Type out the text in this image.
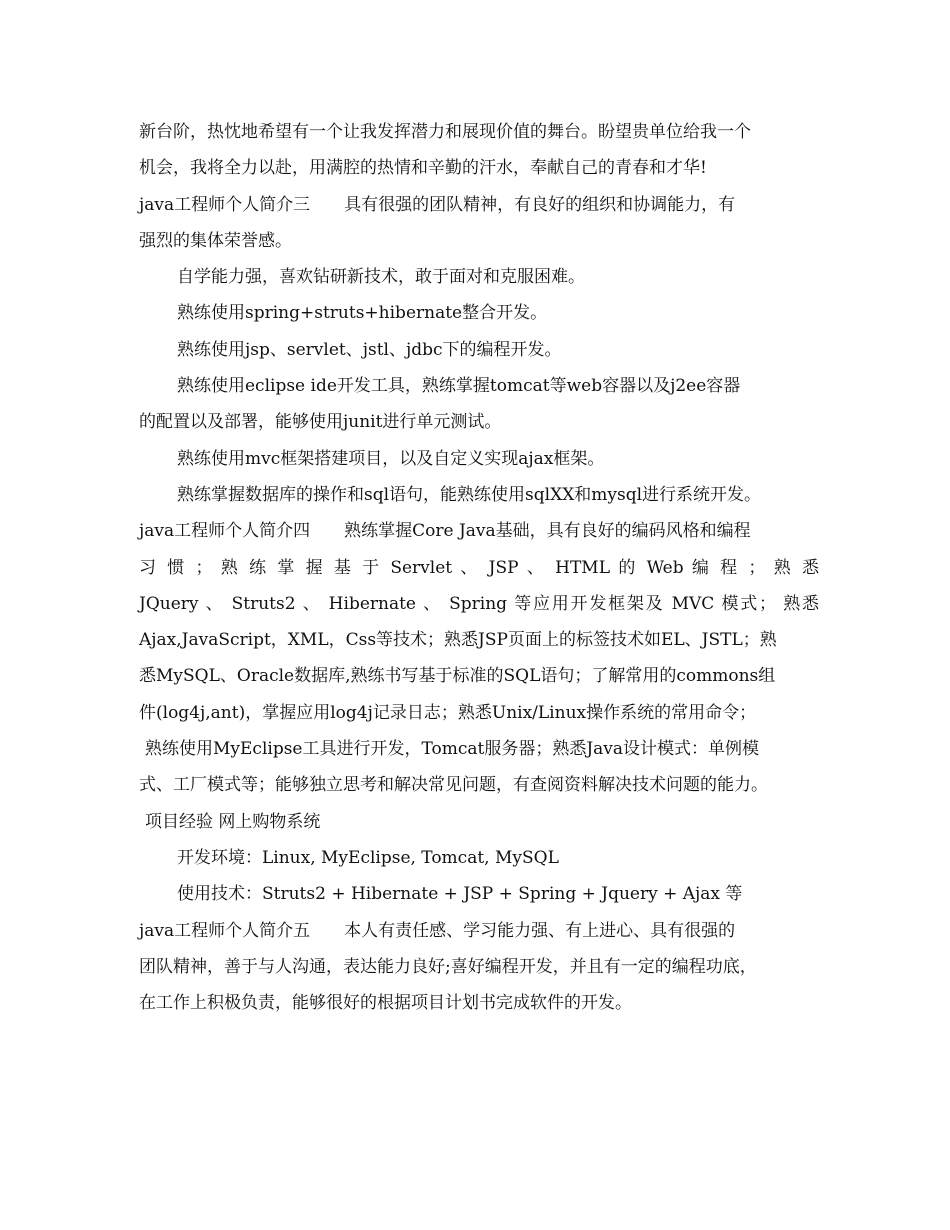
新台阶，热忱地希望有一个让我发挥潜力和展现价值的舞台。盼望贵单位给我一个
机会，我将全力以赴，用满腔的热情和辛勤的汗水，奉献自己的青春和才华!
java工程师个人简介三　　具有很强的团队精神，有良好的组织和协调能力，有
强烈的集体荣誉感。
自学能力强，喜欢钻研新技术，敢于面对和克服困难。
熟练使用spring+struts+hibernate整合开发。
熟练使用jsp、servlet、jstl、jdbc下的编程开发。
熟练使用eclipse ide开发工具，熟练掌握tomcat等web容器以及j2ee容器
的配置以及部署，能够使用junit进行单元测试。
熟练使用mvc框架搭建项目，以及自定义实现ajax框架。
熟练掌握数据库的操作和sql语句，能熟练使用sqlXX和mysql进行系统开发。
java工程师个人简介四　　熟练掌握Core Java基础，具有良好的编码风格和编程
习 惯 ； 熟 练 掌 握 基 于 Servlet 、 JSP 、 HTML 的 Web 编 程 ； 熟 悉
JQuery 、 Struts2 、 Hibernate 、 Spring 等应用开发框架及 MVC 模式； 熟悉
Ajax,JavaScript，XML，Css等技术；熟悉JSP页面上的标签技术如EL、JSTL；熟
悉MySQL、Oracle数据库,熟练书写基于标准的SQL语句；了解常用的commons组
件(log4j,ant)，掌握应用log4j记录日志；熟悉Unix/Linux操作系统的常用命令；
熟练使用MyEclipse工具进行开发，Tomcat服务器；熟悉Java设计模式：单例模
式、工厂模式等；能够独立思考和解决常见问题，有查阅资料解决技术问题的能力。
项目经验 网上购物系统
开发环境：Linux, MyEclipse, Tomcat, MySQL
使用技术：Struts2 + Hibernate + JSP + Spring + Jquery + Ajax 等
java工程师个人简介五　　本人有责任感、学习能力强、有上进心、具有很强的
团队精神，善于与人沟通，表达能力良好;喜好编程开发，并且有一定的编程功底，
在工作上积极负责，能够很好的根据项目计划书完成软件的开发。
